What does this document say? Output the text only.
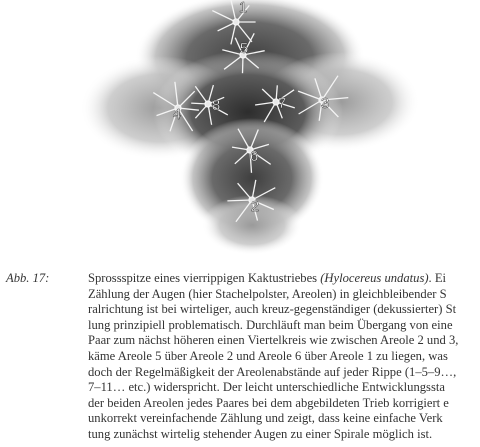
1
2
3
4
5
6
7
8
Abb. 17:	Sprossspitze eines vierrippigen Kaktustriebes (Hylocereus undatus). Ei
Zählung der Augen (hier Stachelpolster, Areolen) in gleichbleibender S
ralrichtung ist bei wirteliger, auch kreuz-gegenständiger (dekussierter) St
lung prinzipiell problematisch. Durchläuft man beim Übergang von eine
Paar zum nächst höheren einen Viertelkreis wie zwischen Areole 2 und 3,
käme Areole 5 über Areole 2 und Areole 6 über Areole 1 zu liegen, was
doch der Regelmäßigkeit der Areolenabstände auf jeder Rippe (1–5–9…,
7–11… etc.) widerspricht. Der leicht unterschiedliche Entwicklungssta
der beiden Areolen jedes Paares bei dem abgebildeten Trieb korrigiert e
unkorrekt vereinfachende Zählung und zeigt, dass keine einfache Verk
tung zunächst wirtelig stehender Augen zu einer Spirale möglich ist.
